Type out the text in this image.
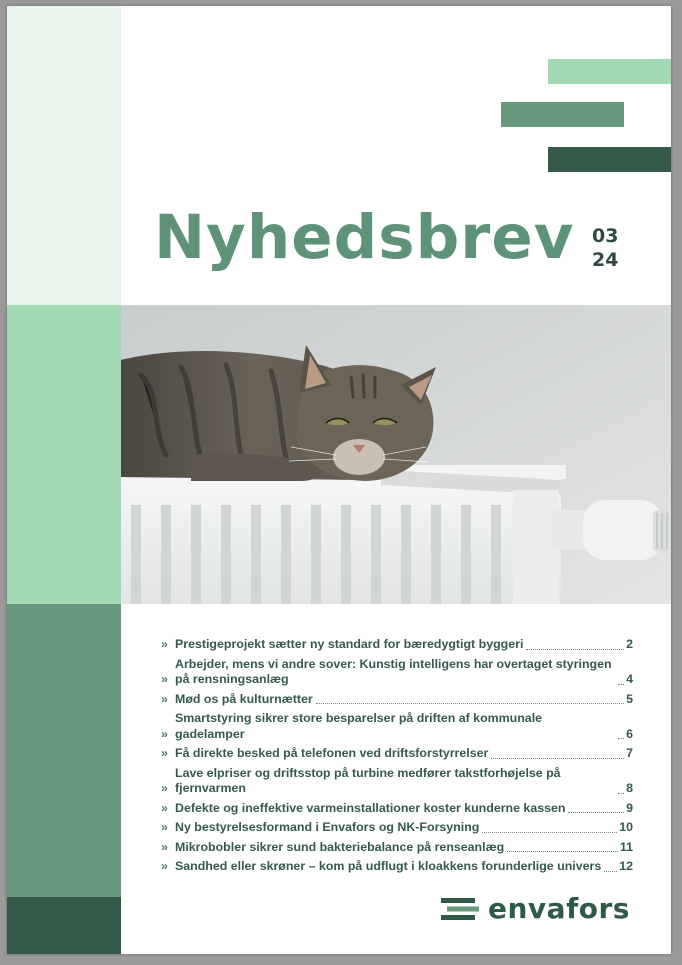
Nyhedsbrev 03
24
» Prestigeprojekt sætter ny standard for bæredygtigt byggeri	2
»
Arbejder, mens vi andre sover: Kunstig intelligens har overtaget styringen på rensningsanlæg	4
» Mød os på kulturnætter	5
»
Smartstyring sikrer store besparelser på driften af kommunale gadelamper	6
» Få direkte besked på telefonen ved driftsforstyrrelser	7
»
Lave elpriser og driftsstop på turbine medfører takstforhøjelse på fjernvarmen	8
» Defekte og ineffektive varmeinstallationer koster kunderne kassen	9
» Ny bestyrelsesformand i Envafors og NK-Forsyning	10
» Mikrobobler sikrer sund bakteriebalance på renseanlæg	11
» Sandhed eller skrøner – kom på udflugt i kloakkens forunderlige univers 12
envafors
